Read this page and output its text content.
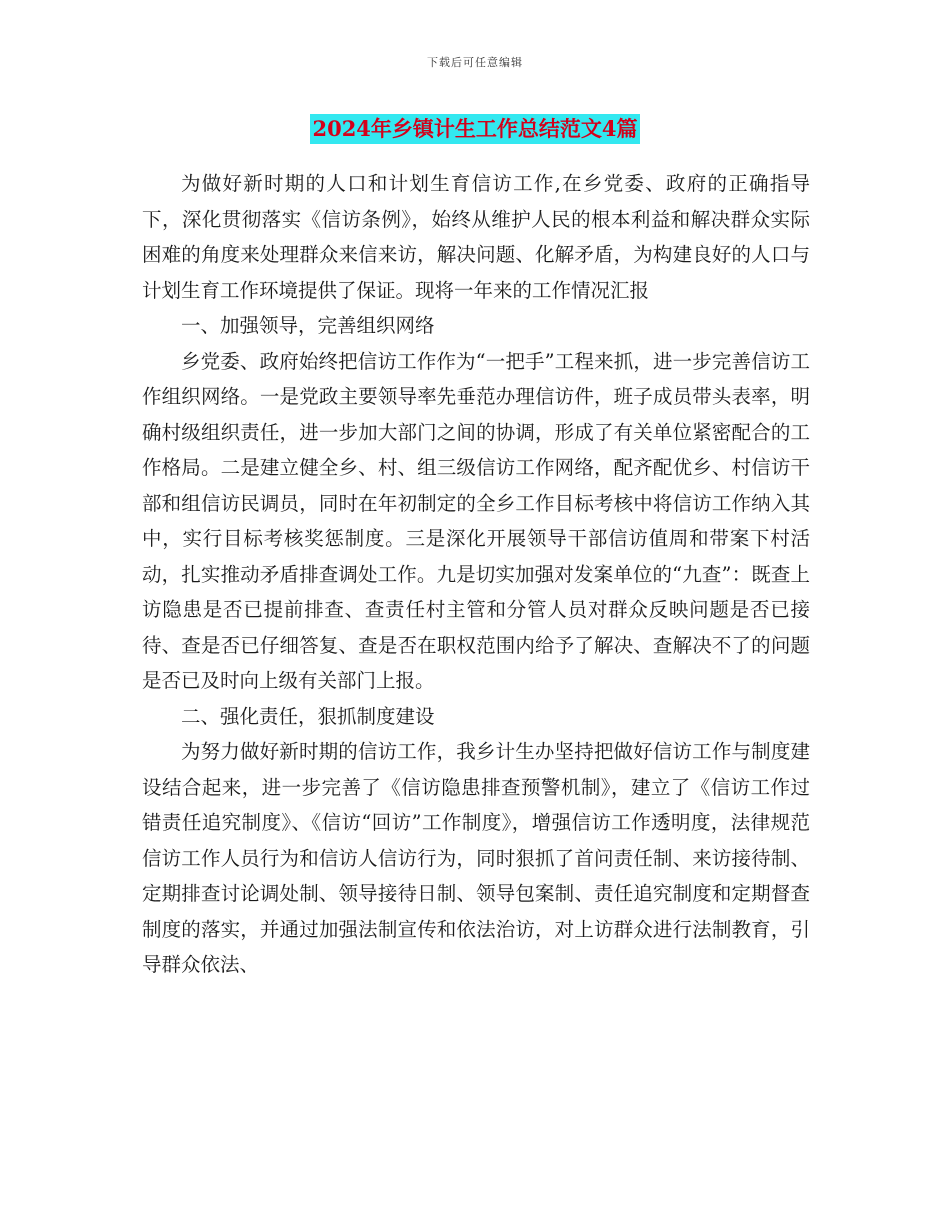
下载后可任意编辑
2024年乡镇计生工作总结范文4篇

为做好新时期的人口和计划生育信访工作,在乡党委、政府的正确指导下，深化贯彻落实《信访条例》，始终从维护人民的根本利益和解决群众实际困难的角度来处理群众来信来访，解决问题、化解矛盾，为构建良好的人口与计划生育工作环境提供了保证。现将一年来的工作情况汇报

一、加强领导，完善组织网络

乡党委、政府始终把信访工作作为“一把手”工程来抓，进一步完善信访工作组织网络。一是党政主要领导率先垂范办理信访件，班子成员带头表率，明确村级组织责任，进一步加大部门之间的协调，形成了有关单位紧密配合的工作格局。二是建立健全乡、村、组三级信访工作网络，配齐配优乡、村信访干部和组信访民调员，同时在年初制定的全乡工作目标考核中将信访工作纳入其中，实行目标考核奖惩制度。三是深化开展领导干部信访值周和带案下村活动，扎实推动矛盾排查调处工作。九是切实加强对发案单位的“九查”：既查上访隐患是否已提前排查、查责任村主管和分管人员对群众反映问题是否已接待、查是否已仔细答复、查是否在职权范围内给予了解决、查解决不了的问题是否已及时向上级有关部门上报。

二、强化责任，狠抓制度建设

为努力做好新时期的信访工作，我乡计生办坚持把做好信访工作与制度建设结合起来，进一步完善了《信访隐患排查预警机制》，建立了《信访工作过错责任追究制度》、《信访“回访”工作制度》，增强信访工作透明度，法律规范信访工作人员行为和信访人信访行为，同时狠抓了首问责任制、来访接待制、定期排查讨论调处制、领导接待日制、领导包案制、责任追究制度和定期督查制度的落实，并通过加强法制宣传和依法治访，对上访群众进行法制教育，引导群众依法、
